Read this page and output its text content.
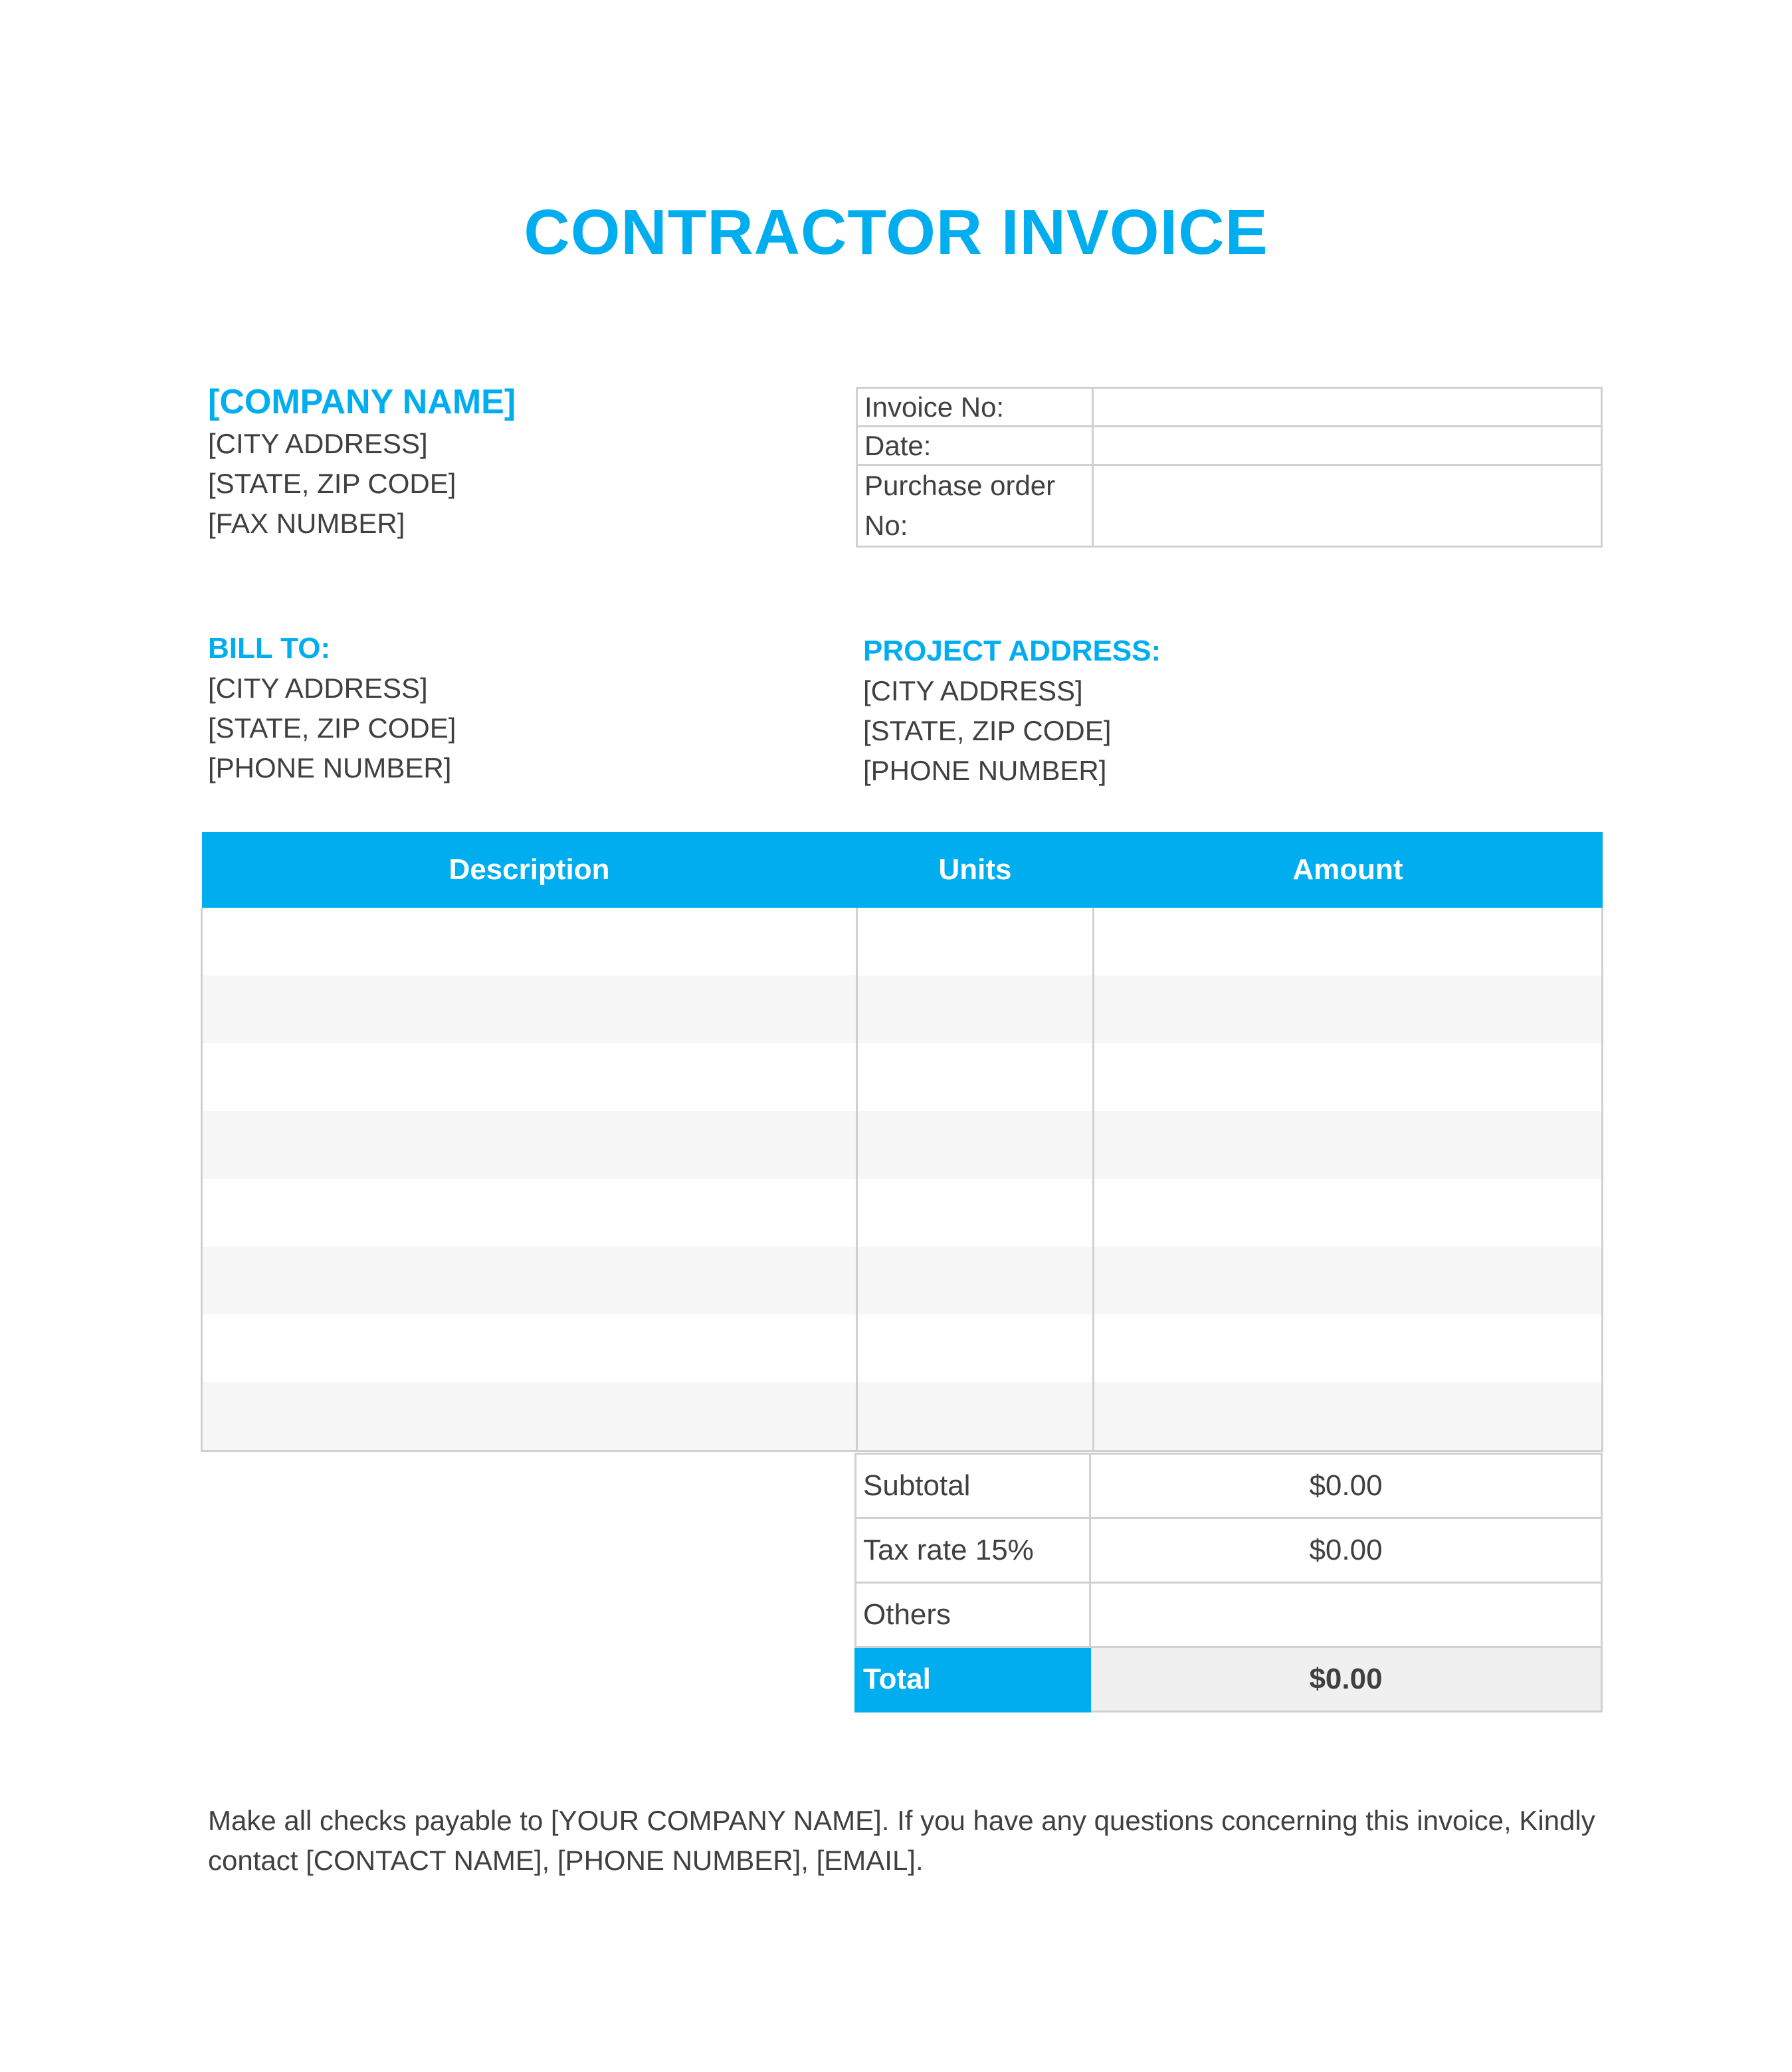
CONTRACTOR INVOICE
[COMPANY NAME]
[CITY ADDRESS]
[STATE, ZIP CODE]
[FAX NUMBER]
Invoice No:	
Date:	
Purchase order
No:	
BILL TO:
[CITY ADDRESS]
[STATE, ZIP CODE]
[PHONE NUMBER]
PROJECT ADDRESS:
[CITY ADDRESS]
[STATE, ZIP CODE]
[PHONE NUMBER]
Description	Units	Amount

Subtotal	$0.00
Tax rate 15%	$0.00
Others	
Total	$0.00
Make all checks payable to [YOUR COMPANY NAME]. If you have any questions concerning this invoice, Kindly
contact [CONTACT NAME], [PHONE NUMBER], [EMAIL].
